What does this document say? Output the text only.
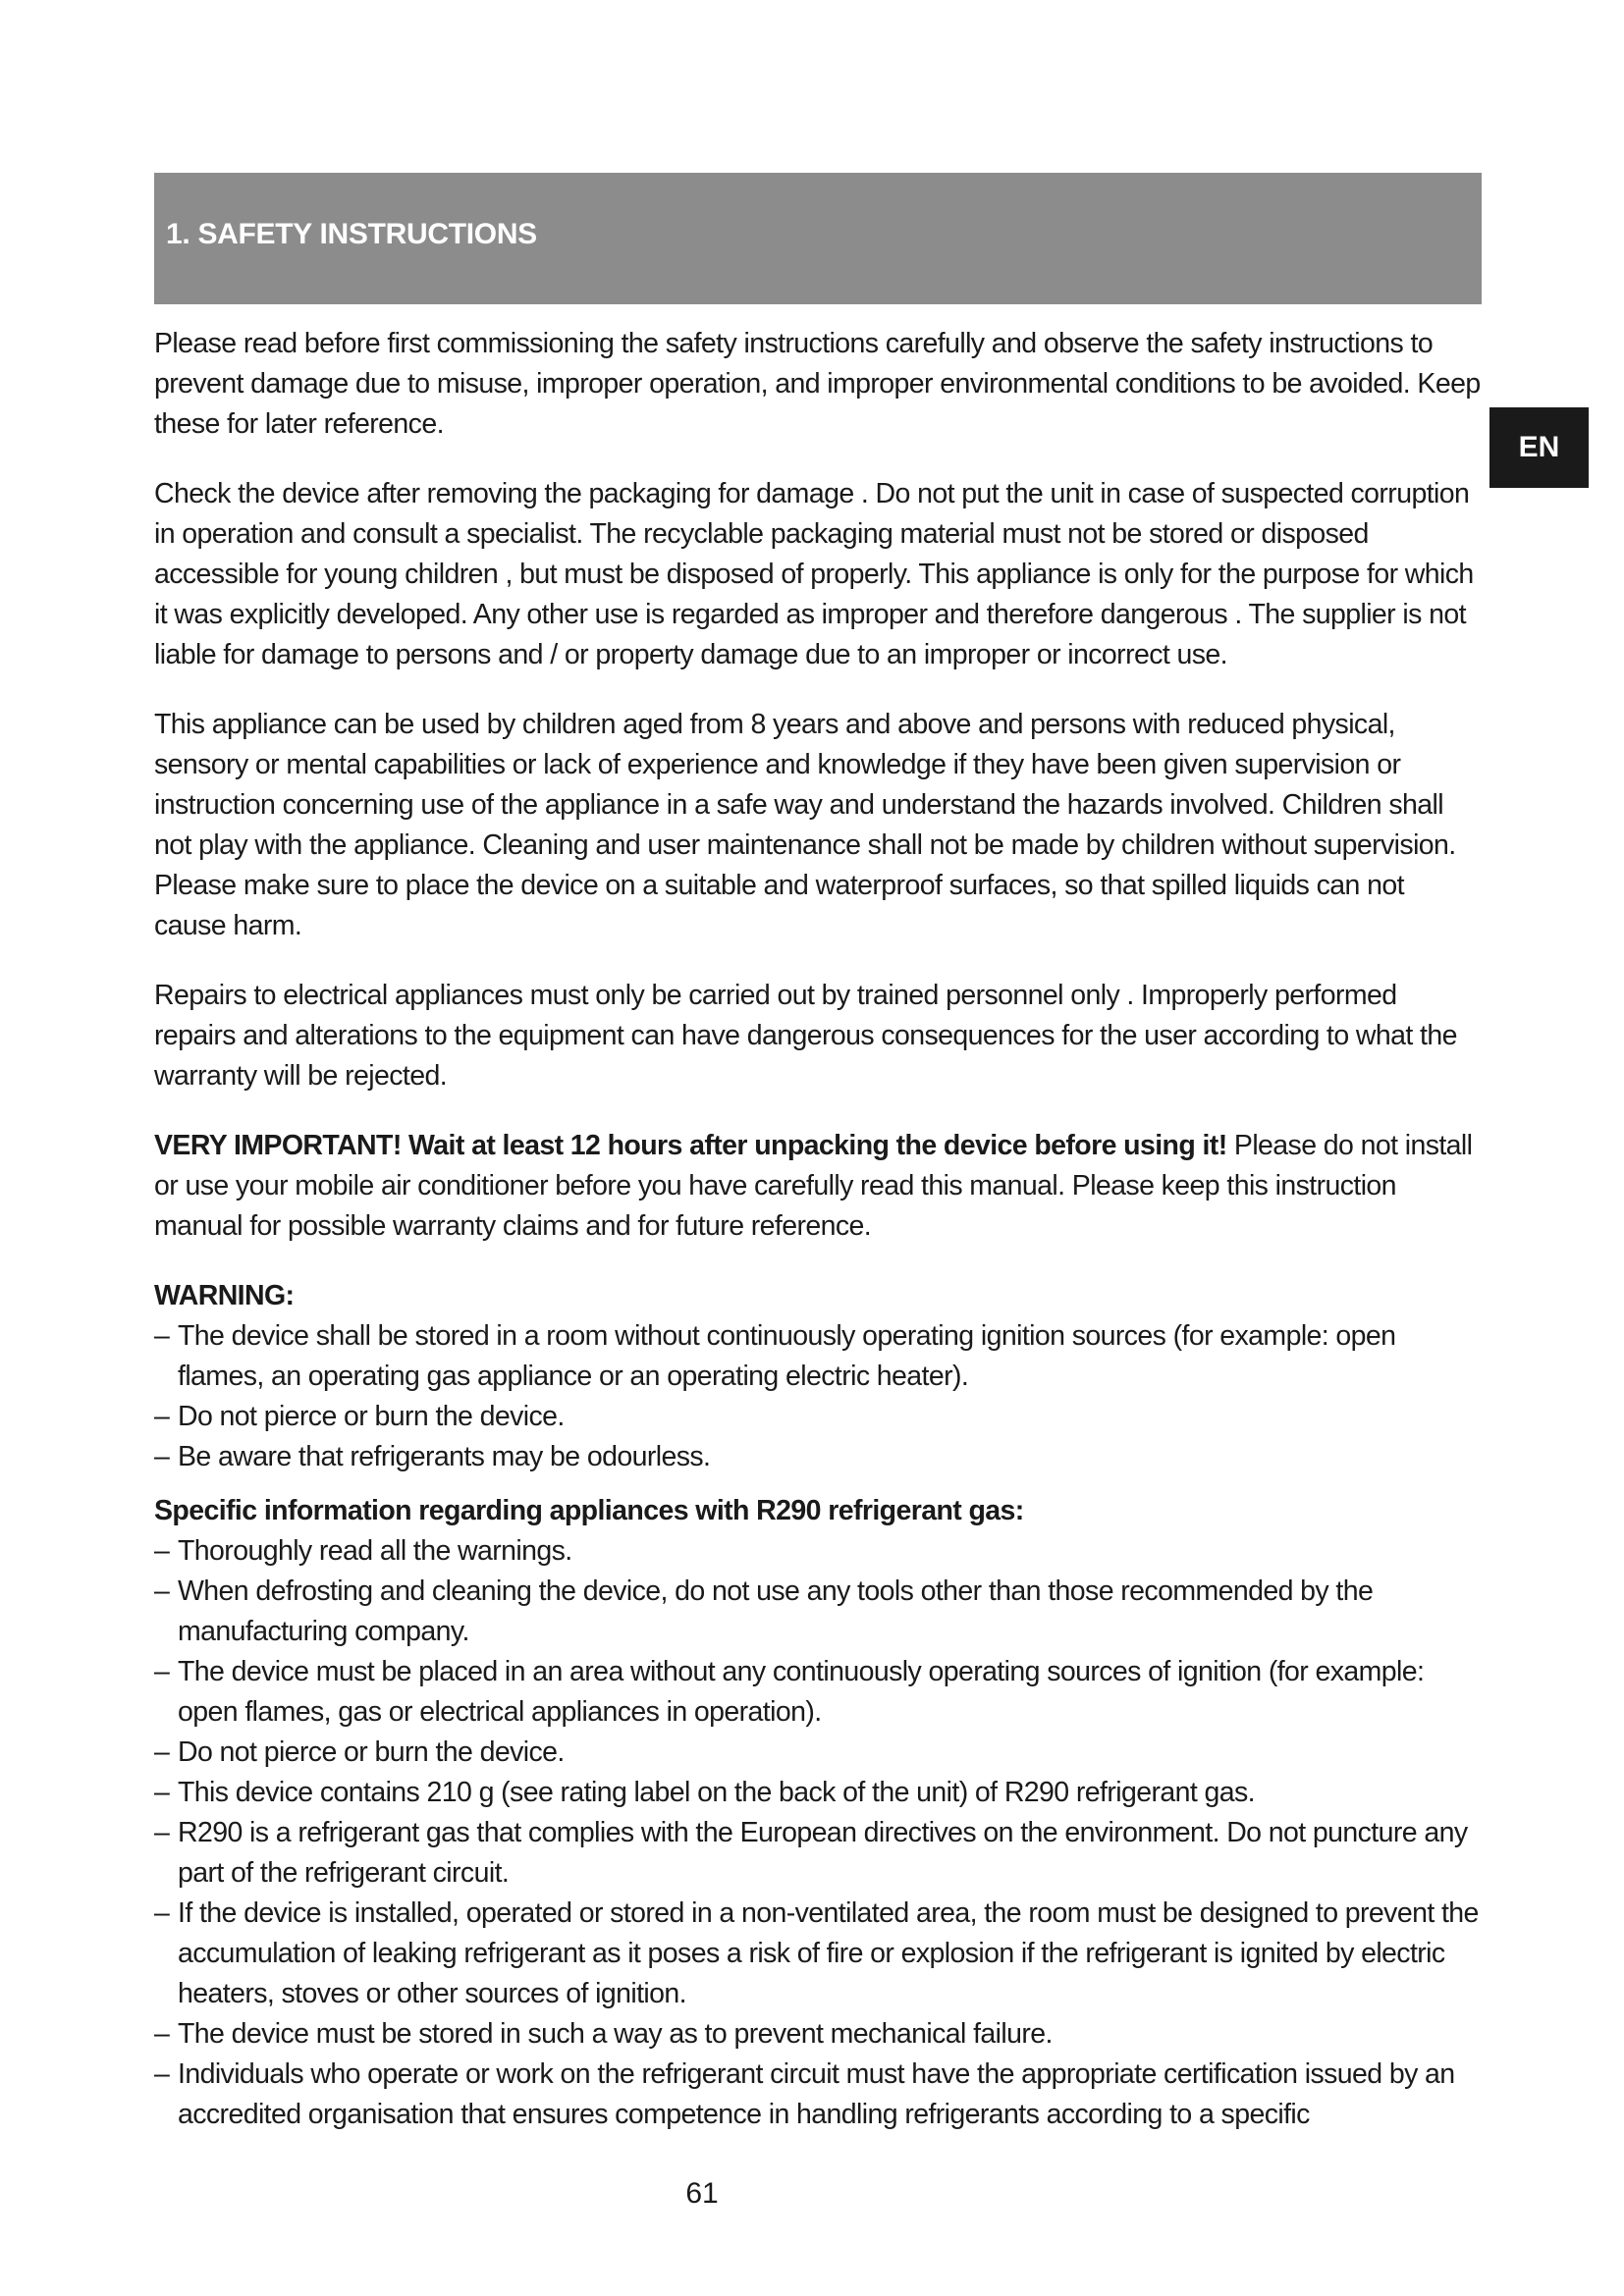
1. SAFETY INSTRUCTIONS
EN

Please read before first commissioning the safety instructions carefully and observe the safety instructions to prevent damage due to misuse, improper operation, and improper environmental conditions to be avoided. Keep these for later reference.

Check the device after removing the packaging for damage . Do not put the unit in case of suspected corruption in operation and consult a specialist. The recyclable packaging material must not be stored or disposed accessible for young children , but must be disposed of properly. This appliance is only for the purpose for which it was explicitly developed. Any other use is regarded as improper and therefore dangerous . The supplier is not liable for damage to persons and / or property damage due to an improper or incorrect use.

This appliance can be used by children aged from 8 years and above and persons with reduced physical, sensory or mental capabilities or lack of experience and knowledge if they have been given supervision or instruction concerning use of the appliance in a safe way and understand the hazards involved. Children shall not play with the appliance. Cleaning and user maintenance shall not be made by children without supervision. Please make sure to place the device on a suitable and waterproof surfaces, so that spilled liquids can not cause harm.

Repairs to electrical appliances must only be carried out by trained personnel only . Improperly performed repairs and alterations to the equipment can have dangerous consequences for the user according to what the warranty will be rejected.

VERY IMPORTANT! Wait at least 12 hours after unpacking the device before using it! Please do not install or use your mobile air conditioner before you have carefully read this manual. Please keep this instruction manual for possible warranty claims and for future reference.

WARNING:
– The device shall be stored in a room without continuously operating ignition sources (for example: open flames, an operating gas appliance or an operating electric heater).
– Do not pierce or burn the device.
– Be aware that refrigerants may be odourless.
Specific information regarding appliances with R290 refrigerant gas:
– Thoroughly read all the warnings.
– When defrosting and cleaning the device, do not use any tools other than those recommended by the manufacturing company.
– The device must be placed in an area without any continuously operating sources of ignition (for example: open flames, gas or electrical appliances in operation).
– Do not pierce or burn the device.
– This device contains 210 g (see rating label on the back of the unit) of R290 refrigerant gas.
– R290 is a refrigerant gas that complies with the European directives on the environment. Do not puncture any part of the refrigerant circuit.
– If the device is installed, operated or stored in a non-ventilated area, the room must be designed to prevent the accumulation of leaking refrigerant as it poses a risk of fire or explosion if the refrigerant is ignited by electric heaters, stoves or other sources of ignition.
– The device must be stored in such a way as to prevent mechanical failure.
– Individuals who operate or work on the refrigerant circuit must have the appropriate certification issued by an accredited organisation that ensures competence in handling refrigerants according to a specific
61
